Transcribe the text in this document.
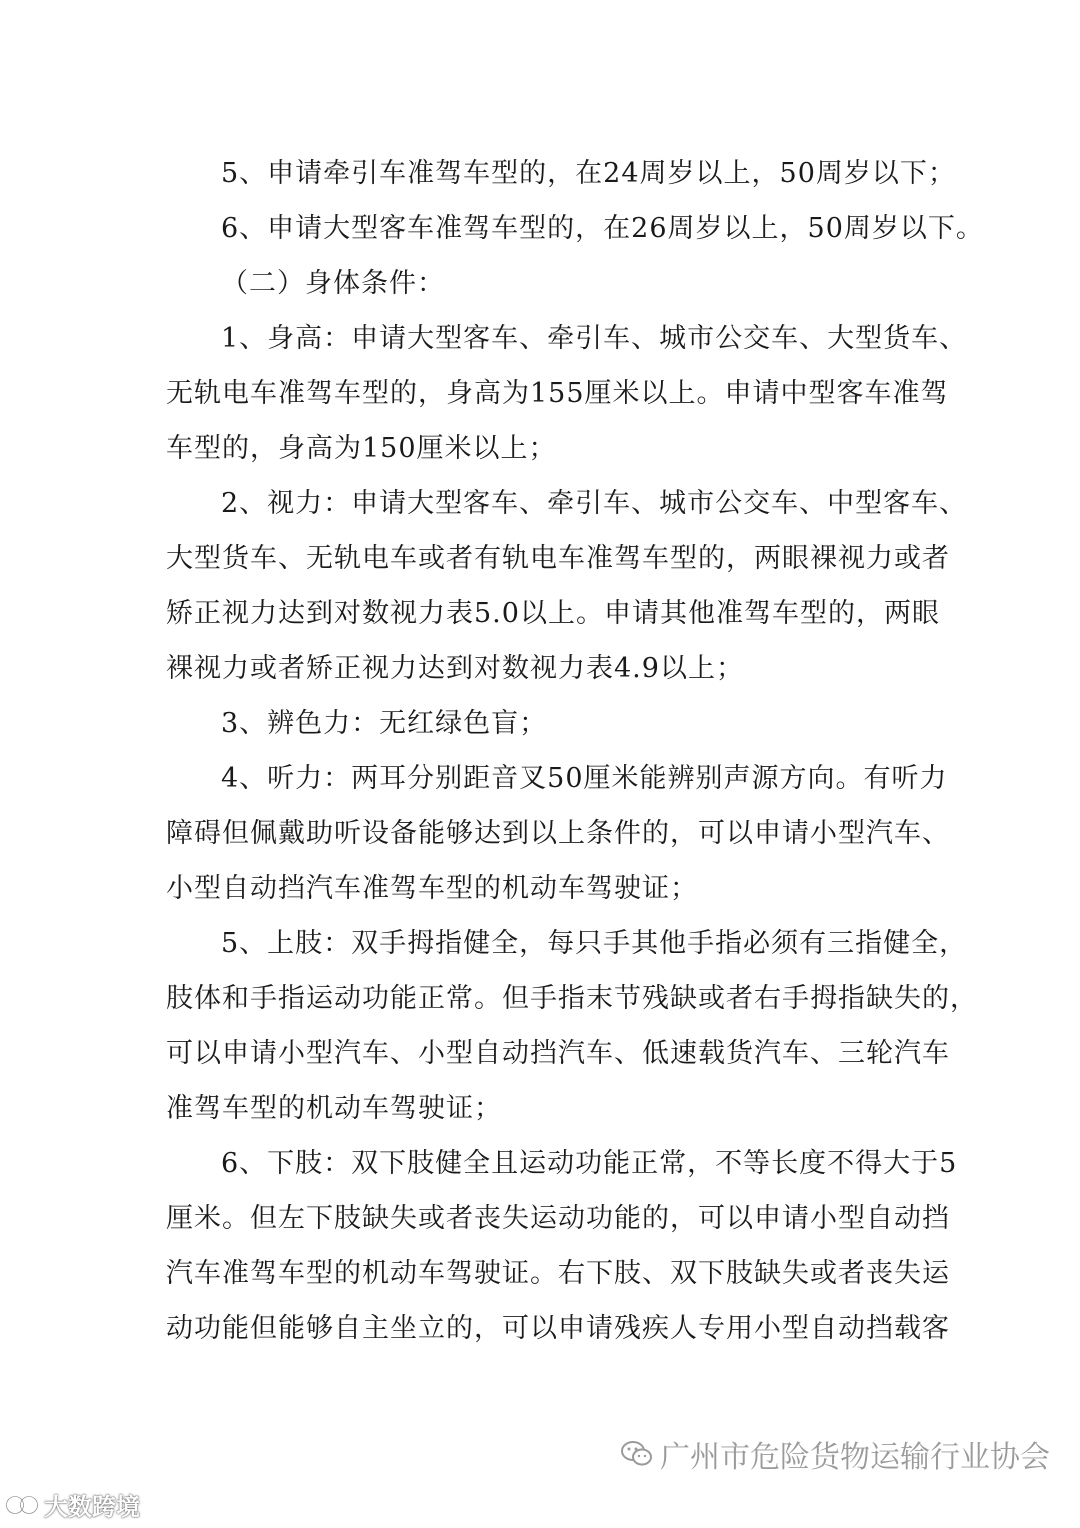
5、申请牵引车准驾车型的，在24周岁以上，50周岁以下；
6、申请大型客车准驾车型的，在26周岁以上，50周岁以下。
（二）身体条件：
1、身高：申请大型客车、牵引车、城市公交车、大型货车、
无轨电车准驾车型的，身高为155厘米以上。申请中型客车准驾
车型的，身高为150厘米以上；
2、视力：申请大型客车、牵引车、城市公交车、中型客车、
大型货车、无轨电车或者有轨电车准驾车型的，两眼裸视力或者
矫正视力达到对数视力表5.0以上。申请其他准驾车型的，两眼
裸视力或者矫正视力达到对数视力表4.9以上；
3、辨色力：无红绿色盲；
4、听力：两耳分别距音叉50厘米能辨别声源方向。有听力
障碍但佩戴助听设备能够达到以上条件的，可以申请小型汽车、
小型自动挡汽车准驾车型的机动车驾驶证；
5、上肢：双手拇指健全，每只手其他手指必须有三指健全，
肢体和手指运动功能正常。但手指末节残缺或者右手拇指缺失的，
可以申请小型汽车、小型自动挡汽车、低速载货汽车、三轮汽车
准驾车型的机动车驾驶证；
6、下肢：双下肢健全且运动功能正常，不等长度不得大于5
厘米。但左下肢缺失或者丧失运动功能的，可以申请小型自动挡
汽车准驾车型的机动车驾驶证。右下肢、双下肢缺失或者丧失运
动功能但能够自主坐立的，可以申请残疾人专用小型自动挡载客
广州市危险货物运输行业协会
大数跨境
